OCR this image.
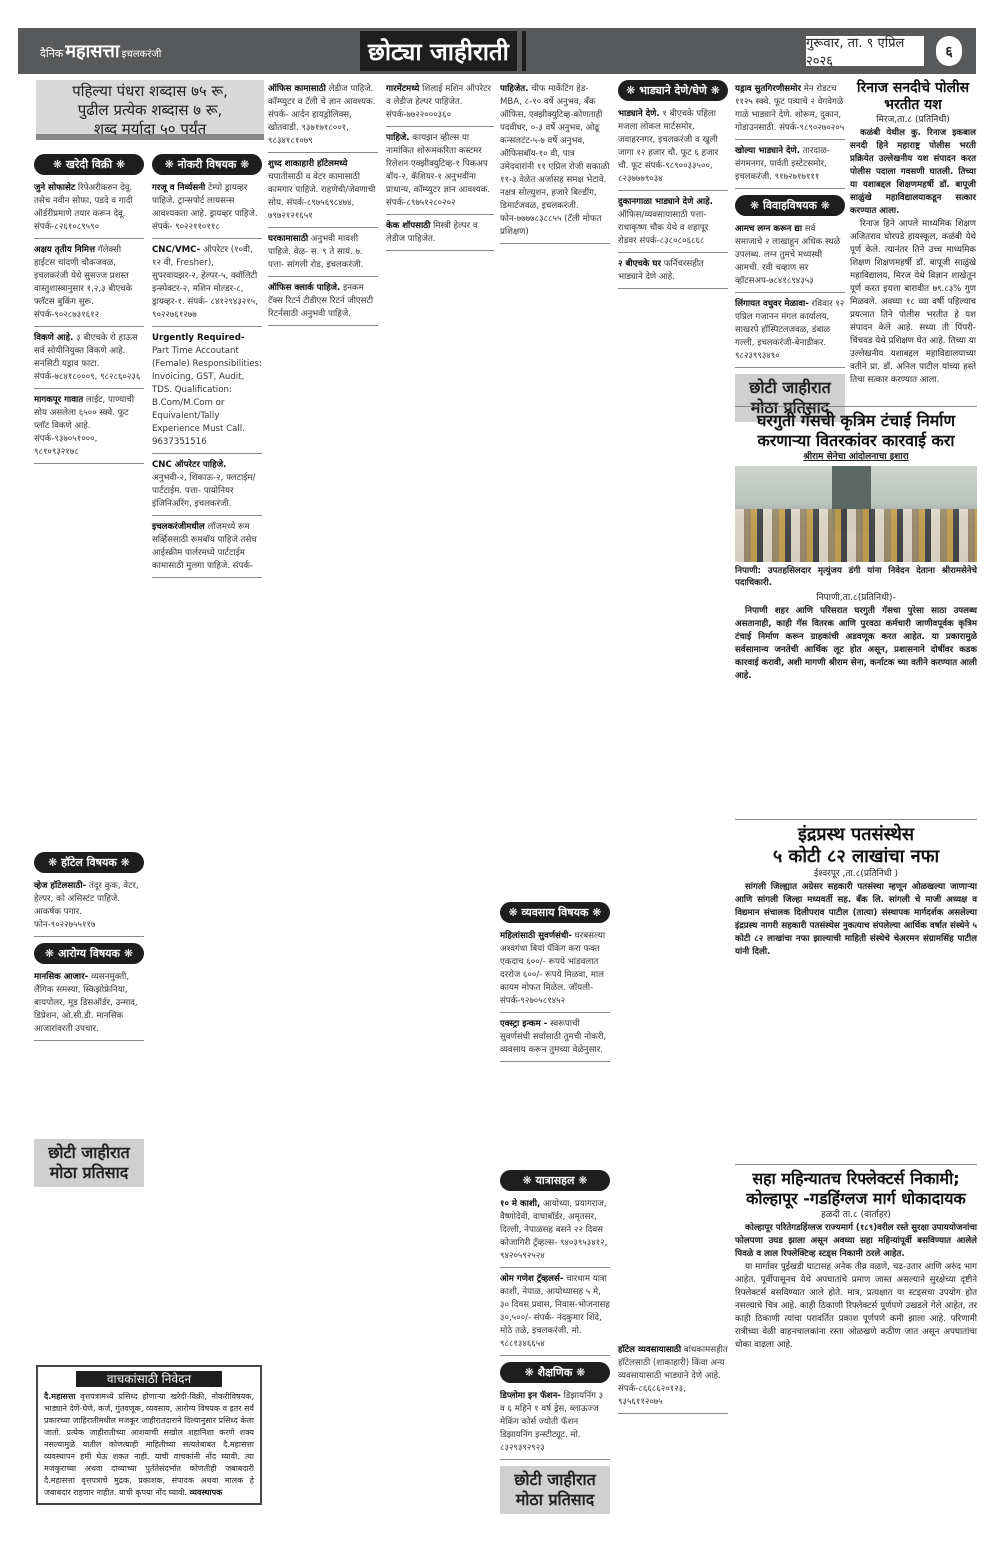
दैनिक महासत्ता इचलकरंजी	छोट्या जाहीराती	गुरूवार, ता. ९ एप्रिल २०२६
६
पहिल्या पंधरा शब्दास ७५ रू,
पुढील प्रत्येक शब्दास ७ रू,
शब्द मर्यादा ५० पर्यंत
❋ खरेदी विक्री ❋
जुने सोफासेट रिपेअरीकरुन देवू. तसेच नवीन सोफा, पडदे व गादी ऑर्डरीप्रमाणे तयार करून देवू. संपर्क-८२६१०८९५९०
अक्षय तृतीय निमित्त गॅलेक्सी हाईटस चांदणी चौकजवळ, इचलकरंजी येथे सुसज्ज प्रशस्त वास्तुशास्त्रानुसार १,२,३ बीएचके फ्लॅटस बुकिंग सुरू. संपर्क-९०२८७३१६१२
विकणे आहे. ३ बीएचके रो हाऊस सर्व सोयीनियुक्त विकणे आहे. सनसिटी यड्राव फाटा. संपर्क-७८४१८०००९, ९८२८६०२३६
मागकपूर गावात लाईट, पाण्याची सोय असलेला ६५०० स्क्वे. फूट प्लॉट विकणे आहे. संपर्क-९३७०५१०००, ९८१०९३२१७८
❋ हॉटेल विषयक ❋
व्हेज हॉटेलसाठी- तंदूर कुक, वेटर, हेल्पर, को असिस्टंट पाहिजे. आकर्षक पगार. फोन-९०२२७५५११७
❋ आरोग्य विषयक ❋
मानसिक आजार- व्यसनमुक्ती, लैंगिक समस्या, स्किझोफ्रेनिया, बायपोलर, मूड डिसऑर्डर, उन्माद, डिप्रेशन, ओ.सी.डी. मानसिक आजारांवरती उपचार.
छोटी जाहीरात
मोठा प्रतिसाद
❋ नोकरी विषयक ❋
गरजू व निर्व्यसनी टेम्पो ड्रायव्हर पाहिजे. ट्रान्सपोर्ट लायसन्स आवश्यकता आहे. ड्रायव्हर पाहिजे. संपर्क- ९०२२११०११८
CNC/VMC- ऑपरेटर (१०वी, १२ वी, Fresher), सुपरवायझर-२, हेल्पर-५, क्वॉलिटी इन्स्पेक्टर-२, मशिन मोल्डर-८, ड्रायव्हर-१. संपर्क- ८४१२९४३२१५, ९०२२७६१२७७
Urgently Required- Part Time Accoutant (Female) Responsibilities: Invoicing, GST, Audit, TDS. Qualification: B.Com/M.Com or Equivalent/Tally Experience Must Call. 9637351516
CNC ऑपरेटर पाहिजे. अनुभवी-२, शिकाऊ-२, फ्लटाईम/पार्टटाईम. पत्ता- पायोनियर इंजिनिअरिंग, इचलकरंजी.
इचलकरंजीमधील लॉजमध्ये रूम सर्व्हिससाठी रूमबॉय पाहिजे तसेच आईस्क्रीम पार्लरमध्ये पार्टटाईम कामासाठी मुलगा पाहिजे. संपर्क-
ऑफिस कामासाठी लेडीज पाहिजे. कॉम्प्युटर व टॅली चे ज्ञान आवश्यक. संपर्क- आर्दन हायड्रोलिक्स, खोतवाडी. ९३७१७१८००१, ९८३४१८१०७९
शुध्द शाकाहारी हॉटेलमध्ये चपातीसाठी व वेटर कामासाठी कामगार पाहिजे. राहणेची/जेवणाची सोय. संपर्क-८९७५६९८४७४, ७९७२१२१६५१
घरकामासाठी अनुभवी मावशी पाहिजे. वेळ- स. ९ ते सायं. ७. पत्ता- सांगली रोड, इचलकरंजी.
ऑफिस क्लार्क पाहिजे. इनकम टॅक्स रिटर्न टीडीएस रिटर्न जीएसटी रिटर्नसाठी अनुभवी पाहिजे.
गारमेंटमध्ये शिलाई मशिन ऑपरेटर व लेडीज हेल्पर पाहिजेत. संपर्क-७७२२०००३६०
पाहिजे. कायझन व्हील्स या नामांकित शोरूमकरिता कस्टमर रिलेशन एक्झीक्युटिव्ह-१ पिकअप बॉय-२, कॅशियर-१ अनुभवींना प्राधान्य, कॉम्प्युटर ज्ञान आवश्यक. संपर्क-८९७५१२८०२०२
केक शॉपसाठी मिस्त्री हेल्पर व लेडीज पाहिजेत.
पाहिजेत. चीफ मार्केटिंग हेड- MBA, ८-१० वर्षे अनुभव, बँक ऑफिस, एक्झीक्युटिव्ह-कोणताही पदवीधर, ०-३ वर्षे अनुभव, ओढू कन्सलटंट-५-७ वर्षे अनुभव, ऑफिसबॉय-१० वी, पात्र उमेदवारांनी ११ एप्रिल रोजी सकाळी ११-३ वेळेत अर्जासह समक्ष भेटावे. नक्षत्र सोल्युशन, हजारे बिल्डींग, डिमार्टजवळ, इचलकरंजी. फोन-७७७७८३८८५५ (टॅली मोफत प्रशिक्षण)
❋ व्यवसाय विषयक ❋
महिलांसाठी सुवर्णसंधी- घरबसल्या अश्वगंधा बियां पॅकिंग करा फक्त एकदाच ६००/- रूपये भांडवलात दररोज ६००/- रूपये मिळवा, माल कायम मोफत मिळेल. जॉयली- संपर्क-९२७०५८१४५२
एक्स्ट्रा इन्कम - स्वरूपाची सुवर्णसंधी सर्वांसाठी तुमची नोकरी, व्यवसाय करून तुमच्या वेळेनुसार.
❋ यात्रासहल ❋
१० मे काशी, आयोध्या, प्रयागराज, वैष्णोदेवी, वाघाबॉर्डर, अमृतसर, दिल्ली, नेपाळसह बसने २२ दिवस कोजागिरी ट्रॅव्हल्स- ९४०३९५३४१२, ९४२०५९२५२४
ओम गणेश ट्रॅव्हलर्स- चारधाम यात्रा काशी, नेपाळ, आयोध्यासह ५ मे, ३० दिवस प्रवास, निवास-भोजनासह ३०,५००/- संपर्क- नंदकुमार शिंदे, मोठे तळे, इचलकरंजी. मो. ९८८१३४६६५४
❋ शैक्षणिक ❋
डिप्लोमा इन फॅशन- डिझायनिंग ३ व ६ महिने १ वर्ष ड्रेस, ब्लाऊज्ज मेकिंग कोर्स ज्योती फॅशन डिझायनिंग इन्स्टीट्यूट. मो. ८३२९३९२९२३
छोटी जाहीरात
मोठा प्रतिसाद
❋ भाड्याने देणे/घेणे ❋
भाड्याने देणे. १ बीएचके पहिला मजला लोकल मार्टसमोर, जवाहरनगर, इचलकरंजी व खुली जागा १२ हजार चौ. फूट ६ हजार चौ. फूट संपर्क-९८९००३३५००, ८२३७७७९०३४
दुकानगाळा भाड्याने देणे आहे. ऑफिस/व्यवसायासाठी पत्ता- राधाकृष्ण चौक येथे व शहापूर रोडवर संपर्क-८३८०८०६८६८
२ बीएचके घर फर्निचरसहीत भाड्याने देणे आहे.
हॉटेल व्यवसायासाठी बांधकामसहीत हॉटेलसाठी (शाकाहारी) किंवा अन्य व्यवसायासाठी भाड्याने देणे आहे. संपर्क-८६६८६२०१२३, ९३५६११२०७५
यड्राव सुतगिरणीसमोर मेन रोडटच ११२५ स्क्वे. फूट पत्र्याचे २ वेगवेगळे गाळे भाड्याने देणे. शोरूम, दुकान, गोडाउनसाठी. संपर्क-९८९०२७०२०५
खोल्या भाड्याने देणे. तारदाळ-संगमनगर, पार्वती इस्टेटसमोर, इचलकरंजी. ९१७२७१७१११
❋ विवाहविषयक ❋
आमच लग्न करून द्या सर्व समाजाचे २ लाखाहून अधिक स्थळे उपलब्ध. लग्न तुमचे मध्यस्थी आमची. रवी चव्हाण सर व्हॉटसअप-७८४१८९४३५३
लिंगायत वधुवर मेळावा- रविवार १२ एप्रिल गजानन मंगल कार्यालय, साखरपे हॉस्पिटलजवळ, डंबाळ गल्ली, इचलकरंजी-बेनाडीकर. ९८२३९९३४९०
छोटी जाहीरात
मोठा प्रतिसाद
रिनाज सनदीचे पोलीस भरतीत यश
मिरज,ता.८ (प्रतिनिधी)

कळंबी येथील कु. रिनाज इकबाल सनदी हिने महाराष्ट्र पोलीस भरती प्रक्रियेत उल्लेखनीय यश संपादन करत पोलीस पदाला गवसणी घातली. तिच्या या यशाबद्दल शिक्षणमहर्षी डॉ. बापूजी साळुंखे महाविद्यालयाकडून सत्कार करण्यात आला.

रिनाज हिने आपले माध्यमिक शिक्षण अजितराव घोरपडे हायस्कूल, कळंबी येथे पूर्ण केले. त्यानंतर तिने उच्च माध्यमिक शिक्षण शिक्षणमहर्षी डॉ. बापूजी साळुंखे महाविद्यालय, मिरज येथे विज्ञान शाखेतून पूर्ण करत इयत्ता बारावीत ७९.८३% गुण मिळवले. अवघ्या १८ व्या वर्षी पहिल्याच प्रयत्नात तिने पोलीस भरतीत हे यश संपादन केले आहे. सध्या ती पिंपरी-चिंचवड येथे प्रशिक्षण घेत आहे. तिच्या या उल्लेखनीय यशाबद्दल महाविद्यालयाच्या वतीने प्रा. डॉ. अनिल पाटील यांच्या हस्ते तिचा सत्कार करण्यात आला.

घरगुती गॅसची कृत्रिम टंचाई निर्माण
करणाऱ्या वितरकांवर कारवाई करा
श्रीराम सेनेचा आंदोलनाचा इशारा
निपाणी: उपतहसिलदार मृत्युंजय डंगी यांना निवेदन देताना श्रीरामसेनेचे पदाधिकारी.
निपाणी,ता.८(प्रतिनिधी)-

निपाणी शहर आणि परिसरात घरगुती गॅसचा पुरेसा साठा उपलब्ध असतानाही, काही गॅस वितरक आणि पुरवठा कर्मचारी जाणीवपूर्वक कृत्रिम टंचाई निर्माण करून ग्राहकांची अडवणूक करत आहेत. या प्रकारामुळे सर्वसामान्य जनतेची आर्थिक लूट होत असून, प्रशासनाने दोषींवर कडक कारवाई करावी, अशी मागणी श्रीराम सेना, कर्नाटक च्या वतीने करण्यात आली आहे.

इंद्रप्रस्थ पतसंस्थेस
५ कोटी ८२ लाखांचा नफा
ईश्वरपूर ,ता.८(प्रतिनिधी )

सांगली जिल्ह्यात अग्रेसर सहकारी पतसंस्था म्हणून ओळखल्या जाणाऱ्या आणि सांगली जिल्हा मध्यवर्ती सह. बँक लि. सांगली चे माजी अध्यक्ष व विद्यमान संचालक दिलीपराव पाटील (तात्या) संस्थापक मार्गदर्शक असलेल्या इंद्रप्रस्थ नागरी सहकारी पतसंस्थेस नुकत्याच संपलेल्या आर्थिक वर्षात संस्थेने ५ कोटी ८२ लाखांचा नफा झाल्याची माहिती संस्थेचे चेअरमन संग्रामसिंह पाटील यांनी दिली.

सहा महिन्यातच रिफ्लेक्टर्स निकामी;
कोल्हापूर -गडहिंग्लज मार्ग धोकादायक
हळदी ता.८ (वार्ताहर)

कोल्हापूर परितेगडहिंग्लज राज्यमार्ग (१८९)वरील रस्ते सुरक्षा उपाययोजनांचा फोलपणा उघड झाला असून अवघ्या सहा महिन्यांपूर्वी बसविण्यात आलेले पिवळे व लाल रिफ्लेक्टिव्ह स्टड्स निकामी ठरले आहेत.

या मार्गावर पुईखडी घाटासह अनेक तीव्र वळणे, चढ-उतार आणि अरुंद भाग आहेत. पूर्वीपासूनच येथे अपघातांचे प्रमाण जास्त असल्याने सुरक्षेच्या दृष्टीने रिफ्लेक्टर्स बसविण्यात आले होते. मात्र, प्रत्यक्षात या स्टड्सचा उपयोग होत नसल्याचे चित्र आहे. काही ठिकाणी रिफ्लेक्टर्स पूर्णपणे उखडले गेले आहेत, तर काही ठिकाणी त्यांचा परावर्तित प्रकाश पूर्णपणे कमी झाला आहे. परिणामी रात्रीच्या वेळी वाहनचालकांना रस्ता ओळखणे कठीण जात असून अपघातांचा धोका वाढला आहे.

वाचकांसाठी निवेदन

दै.महासत्ता वृत्तपत्रामध्ये प्रसिध्द होणाऱ्या खरेदी-विक्री, नोकरीविषयक, भाड्याने देणे-घेणे, कर्ज, गुंतवणूक, व्यवसाय, आरोग्य विषयक व इतर सर्व प्रकारच्या जाहिरातीमधील मजकूर जाहीरातदाराने दिल्यानुसार प्रसिध्द केला जातो. प्रत्येक जाहीरातीच्या आशयाची सखोल शहानिशा करणे शक्य नसल्यामुळे यातील कोणत्याही माहितीच्या सत्यतेबाबत दै.महासत्ता व्यवस्थापन हमी घेऊ शकत नाही. याची वाचकांनी नोंद घ्यावी. त्या मजकुराच्या अथवा दाव्याच्या पुर्ततेसंदर्भात कोणतीही जबाबदारी दै.महासत्ता वृत्तपत्राचे मुद्रक, प्रकाशक, संपादक अथवा मालक हे जबाबदार राहणार नाहीत. याची कृपया नोंद घ्यावी. व्यवस्थापक
